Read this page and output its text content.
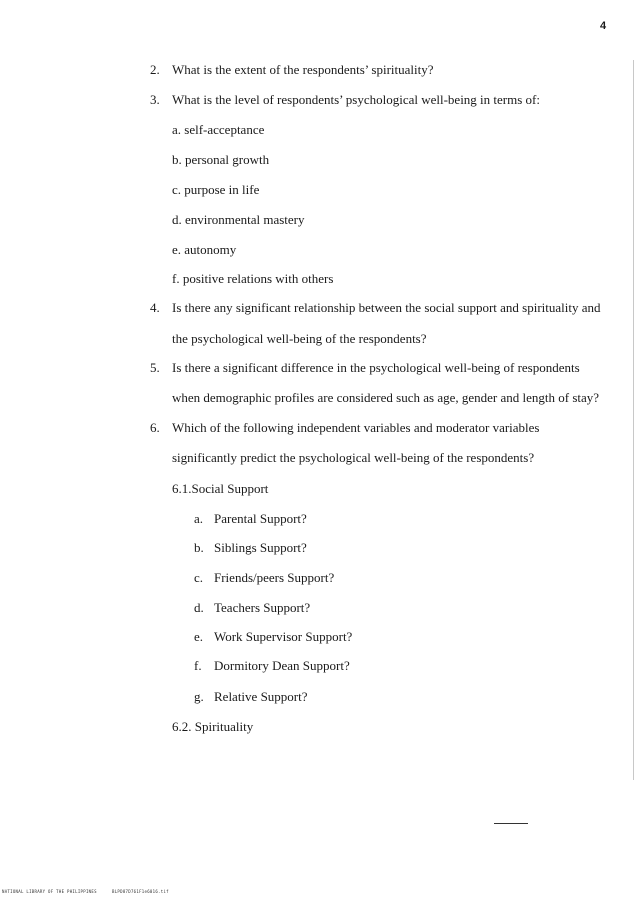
4
2. What is the extent of the respondents’ spirituality?
3. What is the level of respondents’ psychological well-being in terms of:
a. self-acceptance
b. personal growth
c. purpose in life
d. environmental mastery
e. autonomy
f. positive relations with others
4. Is there any significant relationship between the social support and spirituality and
the psychological well-being of the respondents?
5. Is there a significant difference in the psychological well-being of respondents
when demographic profiles are considered such as age, gender and length of stay?
6. Which of the following independent variables and moderator variables
significantly predict the psychological well-being of the respondents?
6.1.Social Support
a. Parental Support?
b. Siblings Support?
c. Friends/peers Support?
d. Teachers Support?
e. Work Supervisor Support?
f. Dormitory Dean Support?
g. Relative Support?
6.2. Spirituality
NATIONAL LIBRARY OF THE PHILIPPINES	BLPD87D761F1e6016.tif
